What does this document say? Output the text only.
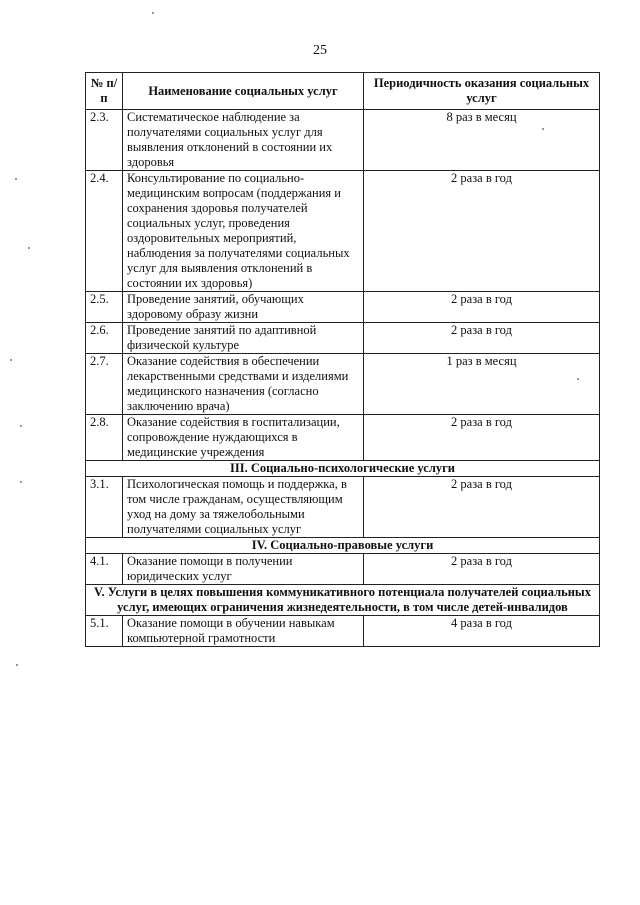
25
№ п/п	Наименование социальных услуг	Периодичность оказания социальных услуг
2.3.	Систематическое наблюдение за получателями социальных услуг для выявления отклонений в состоянии их здоровья	8 раз в месяц
2.4.	Консультирование по социально-медицинским вопросам (поддержания и сохранения здоровья получателей социальных услуг, проведения оздоровительных мероприятий, наблюдения за получателями социальных услуг для выявления отклонений в состоянии их здоровья)	2 раза в год
2.5.	Проведение занятий, обучающих здоровому образу жизни	2 раза в год
2.6.	Проведение занятий по адаптивной физической культуре	2 раза в год
2.7.	Оказание содействия в обеспечении лекарственными средствами и изделиями медицинского назначения (согласно заключению врача)	1 раз в месяц
2.8.	Оказание содействия в госпитализации, сопровождение нуждающихся в медицинские учреждения	2 раза в год
III. Социально-психологические услуги		
3.1.	Психологическая помощь и поддержка, в том числе гражданам, осуществляющим уход на дому за тяжелобольными получателями социальных услуг	2 раза в год
IV. Социально-правовые услуги		
4.1.	Оказание помощи в получении юридических услуг	2 раза в год
V. Услуги в целях повышения коммуникативного потенциала получателей социальных услуг, имеющих ограничения жизнедеятельности, в том числе детей-инвалидов		
5.1.	Оказание помощи в обучении навыкам компьютерной грамотности	4 раза в год
